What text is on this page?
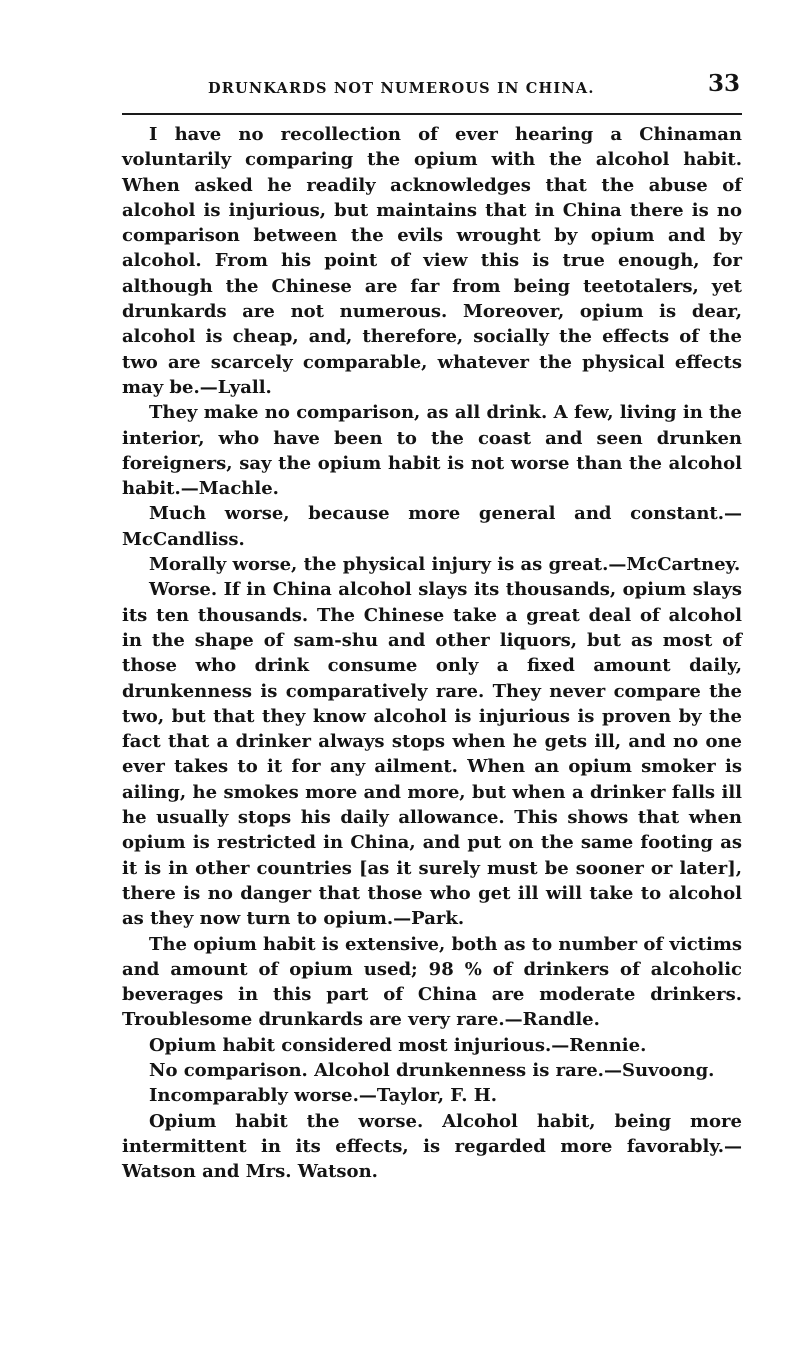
DRUNKARDS NOT NUMEROUS IN CHINA.	33

I have no recollection of ever hearing a Chinaman voluntarily comparing the opium with the alcohol habit. When asked he readily acknowledges that the abuse of alcohol is injurious, but maintains that in China there is no comparison between the evils wrought by opium and by alcohol. From his point of view this is true enough, for although the Chinese are far from being teetotalers, yet drunkards are not numerous. Moreover, opium is dear, alcohol is cheap, and, therefore, socially the effects of the two are scarcely comparable, whatever the physical effects may be.—Lyall.

They make no comparison, as all drink. A few, living in the interior, who have been to the coast and seen drunken foreigners, say the opium habit is not worse than the alcohol habit.—Machle.

Much worse, because more general and constant.—McCandliss.

Morally worse, the physical injury is as great.—McCartney.

Worse. If in China alcohol slays its thousands, opium slays its ten thousands. The Chinese take a great deal of alcohol in the shape of sam-shu and other liquors, but as most of those who drink consume only a fixed amount daily, drunkenness is comparatively rare. They never compare the two, but that they know alcohol is injurious is proven by the fact that a drinker always stops when he gets ill, and no one ever takes to it for any ailment. When an opium smoker is ailing, he smokes more and more, but when a drinker falls ill he usually stops his daily allowance. This shows that when opium is restricted in China, and put on the same footing as it is in other countries [as it surely must be sooner or later], there is no danger that those who get ill will take to alcohol as they now turn to opium.—Park.

The opium habit is extensive, both as to number of victims and amount of opium used; 98 % of drinkers of alcoholic beverages in this part of China are moderate drinkers. Troublesome drunkards are very rare.—Randle.

Opium habit considered most injurious.—Rennie.

No comparison. Alcohol drunkenness is rare.—Suvoong.

Incomparably worse.—Taylor, F. H.

Opium habit the worse. Alcohol habit, being more intermittent in its effects, is regarded more favorably.—Watson and Mrs. Watson.
